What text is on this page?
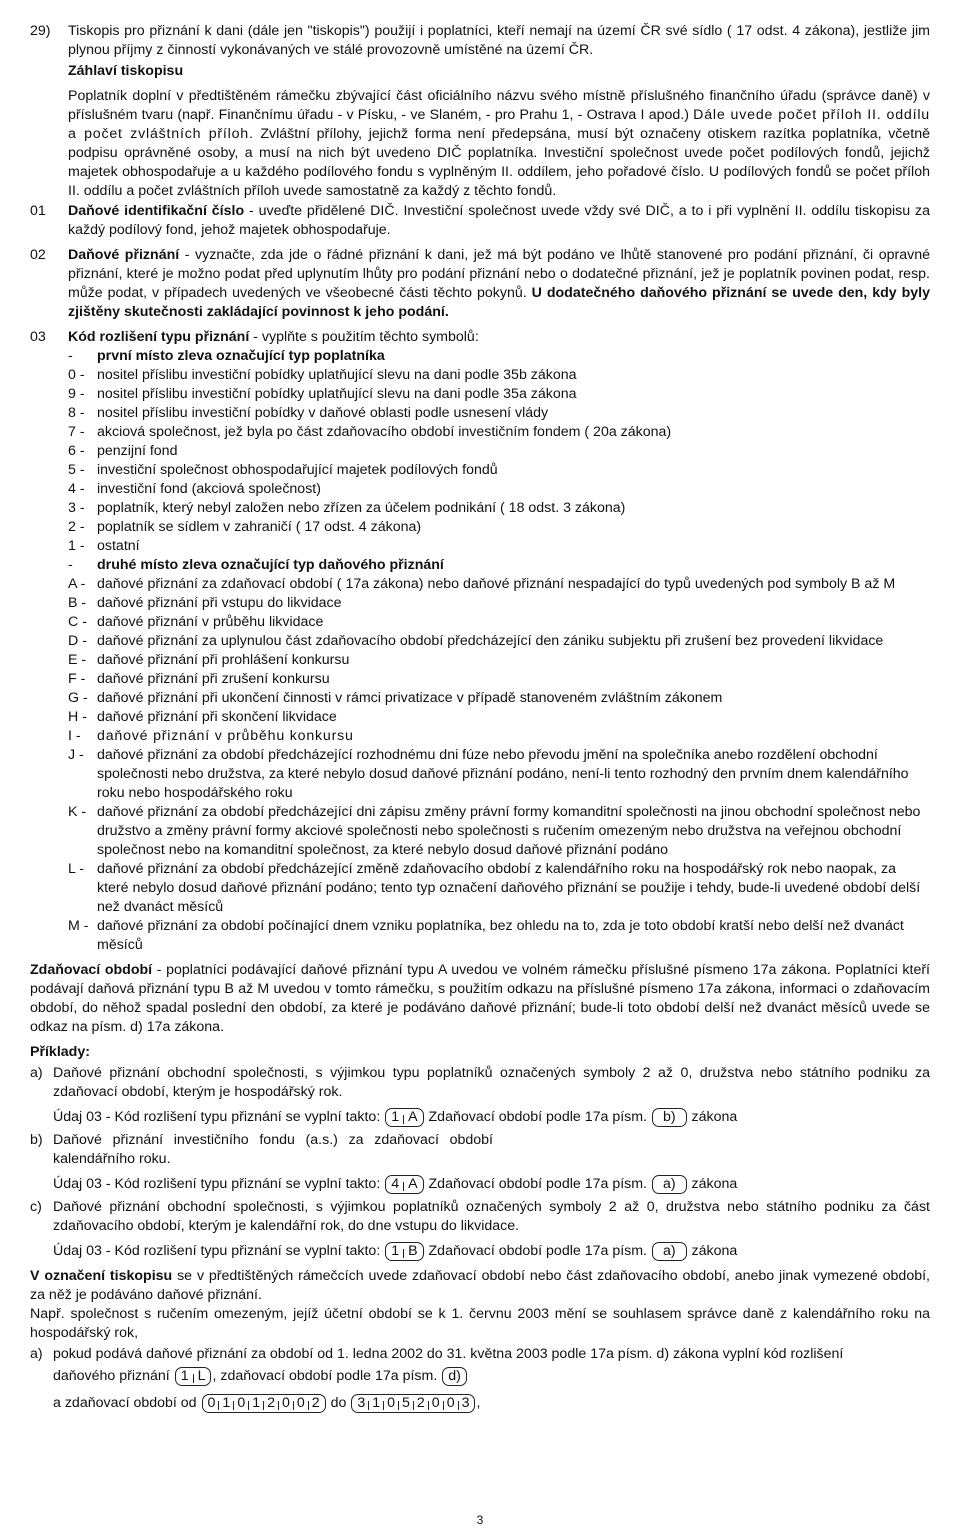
29) Tiskopis pro přiznání k dani (dále jen "tiskopis") použijí i poplatníci, kteří nemají na území ČR své sídlo ( 17 odst. 4 zákona), jestliže jim plynou příjmy z činností vykonávaných ve stálé provozovně umístěné na území ČR.

Záhlaví tiskopisu

Poplatník doplní v předtištěném rámečku zbývající část oficiálního názvu svého místně příslušného finančního úřadu (správce daně) v příslušném tvaru (např. Finančnímu úřadu - v Písku, - ve Slaném, - pro Prahu 1, - Ostrava I apod.) Dále uvede počet příloh II. oddílu a počet zvláštních příloh. Zvláštní přílohy, jejichž forma není předepsána, musí být označeny otiskem razítka poplatníka, včetně podpisu oprávněné osoby, a musí na nich být uvedeno DIČ poplatníka. Investiční společnost uvede počet podílových fondů, jejichž majetek obhospodařuje a u každého podílového fondu s vyplněným II. oddílem, jeho pořadové číslo. U podílových fondů se počet příloh II. oddílu a počet zvláštních příloh uvede samostatně za každý z těchto fondů.

01 Daňové identifikační číslo - uveďte přidělené DIČ. Investiční společnost uvede vždy své DIČ, a to i při vyplnění II. oddílu tiskopisu za každý podílový fond, jehož majetek obhospodařuje.

02 Daňové přiznání - vyznačte, zda jde o řádné přiznání k dani, jež má být podáno ve lhůtě stanovené pro podání přiznání, či opravné přiznání, které je možno podat před uplynutím lhůty pro podání přiznání nebo o dodatečné přiznání, jež je poplatník povinen podat, resp. může podat, v případech uvedených ve všeobecné části těchto pokynů. U dodatečného daňového přiznání se uvede den, kdy byly zjištěny skutečnosti zakládající povinnost k jeho podání.

03 Kód rozlišení typu přiznání - vyplňte s použitím těchto symbolů:

-	první místo zleva označující typ poplatníka
0 - nositel příslibu investiční pobídky uplatňující slevu na dani podle 35b zákona
9 - nositel příslibu investiční pobídky uplatňující slevu na dani podle 35a zákona
8 - nositel příslibu investiční pobídky v daňové oblasti podle usnesení vlády
7 - akciová společnost, jež byla po část zdaňovacího období investičním fondem ( 20a zákona)
6 - penzijní fond
5 - investiční společnost obhospodařující majetek podílových fondů
4 - investiční fond (akciová společnost)
3 - poplatník, který nebyl založen nebo zřízen za účelem podnikání ( 18 odst. 3 zákona)
2 - poplatník se sídlem v zahraničí ( 17 odst. 4 zákona)
1 - ostatní
-	druhé místo zleva označující typ daňového přiznání
A - daňové přiznání za zdaňovací období ( 17a zákona) nebo daňové přiznání nespadající do typů uvedených pod symboly B až M
B - daňové přiznání při vstupu do likvidace
C - daňové přiznání v průběhu likvidace
D - daňové přiznání za uplynulou část zdaňovacího období předcházející den zániku subjektu při zrušení bez provedení likvidace
E - daňové přiznání při prohlášení konkursu
F - daňové přiznání při zrušení konkursu
G - daňové přiznání při ukončení činnosti v rámci privatizace v případě stanoveném zvláštním zákonem
H - daňové přiznání při skončení likvidace
I -	daňové přiznání v průběhu konkursu
J - daňové přiznání za období předcházející rozhodnému dni fúze nebo převodu jmění na společníka anebo rozdělení obchodní společnosti nebo družstva, za které nebylo dosud daňové přiznání podáno, není-li tento rozhodný den prvním dnem kalendářního roku nebo hospodářského roku
K - daňové přiznání za období předcházející dni zápisu změny právní formy komanditní společnosti na jinou obchodní společnost nebo družstvo a změny právní formy akciové společnosti nebo společnosti s ručením omezeným nebo družstva na veřejnou obchodní společnost nebo na komanditní společnost, za které nebylo dosud daňové přiznání podáno
L - daňové přiznání za období předcházející změně zdaňovacího období z kalendářního roku na hospodářský rok nebo naopak, za které nebylo dosud daňové přiznání podáno; tento typ označení daňového přiznání se použije i tehdy, bude-li uvedené období delší než dvanáct měsíců
M - daňové přiznání za období počínající dnem vzniku poplatníka, bez ohledu na to, zda je toto období kratší nebo delší než dvanáct měsíců

Zdaňovací období - poplatníci podávající daňové přiznání typu A uvedou ve volném rámečku příslušné písmeno 17a zákona. Poplatníci kteří podávají daňová přiznání typu B až M uvedou v tomto rámečku, s použitím odkazu na příslušné písmeno 17a zákona, informaci o zdaňovacím období, do něhož spadal poslední den období, za které je podáváno daňové přiznání; bude-li toto období delší než dvanáct měsíců uvede se odkaz na písm. d) 17a zákona.

Příklady:

a) Daňové přiznání obchodní společnosti, s výjimkou typu poplatníků označených symboly 2 až 0, družstva nebo státního podniku za zdaňovací období, kterým je hospodářský rok.

Údaj 03 - Kód rozlišení typu přiznání se vyplní takto: 1 A Zdaňovací období podle 17a písm. b) zákona
b) Daňové přiznání investičního fondu (a.s.) za zdaňovací období kalendářního roku.

Údaj 03 - Kód rozlišení typu přiznání se vyplní takto: 4 A Zdaňovací období podle 17a písm. a) zákona
c) Daňové přiznání obchodní společnosti, s výjimkou poplatníků označených symboly 2 až 0, družstva nebo státního podniku za část zdaňovacího období, kterým je kalendářní rok, do dne vstupu do likvidace.

Údaj 03 - Kód rozlišení typu přiznání se vyplní takto: 1 B Zdaňovací období podle 17a písm. a) zákona

V označení tiskopisu se v předtištěných rámečcích uvede zdaňovací období nebo část zdaňovacího období, anebo jinak vymezené období, za něž je podáváno daňové přiznání.

Např. společnost s ručením omezeným, jejíž účetní období se k 1. červnu 2003 mění se souhlasem správce daně z kalendářního roku na hospodářský rok,

a) pokud podává daňové přiznání za období od 1. ledna 2002 do 31. května 2003 podle 17a písm. d) zákona vyplní kód rozlišení

daňového přiznání 1 L , zdaňovací období podle 17a písm. d)
a zdaňovací období od 0 1 0 1 2 0 0 2 do 3 1 0 5 2 0 0 3 ,
3
